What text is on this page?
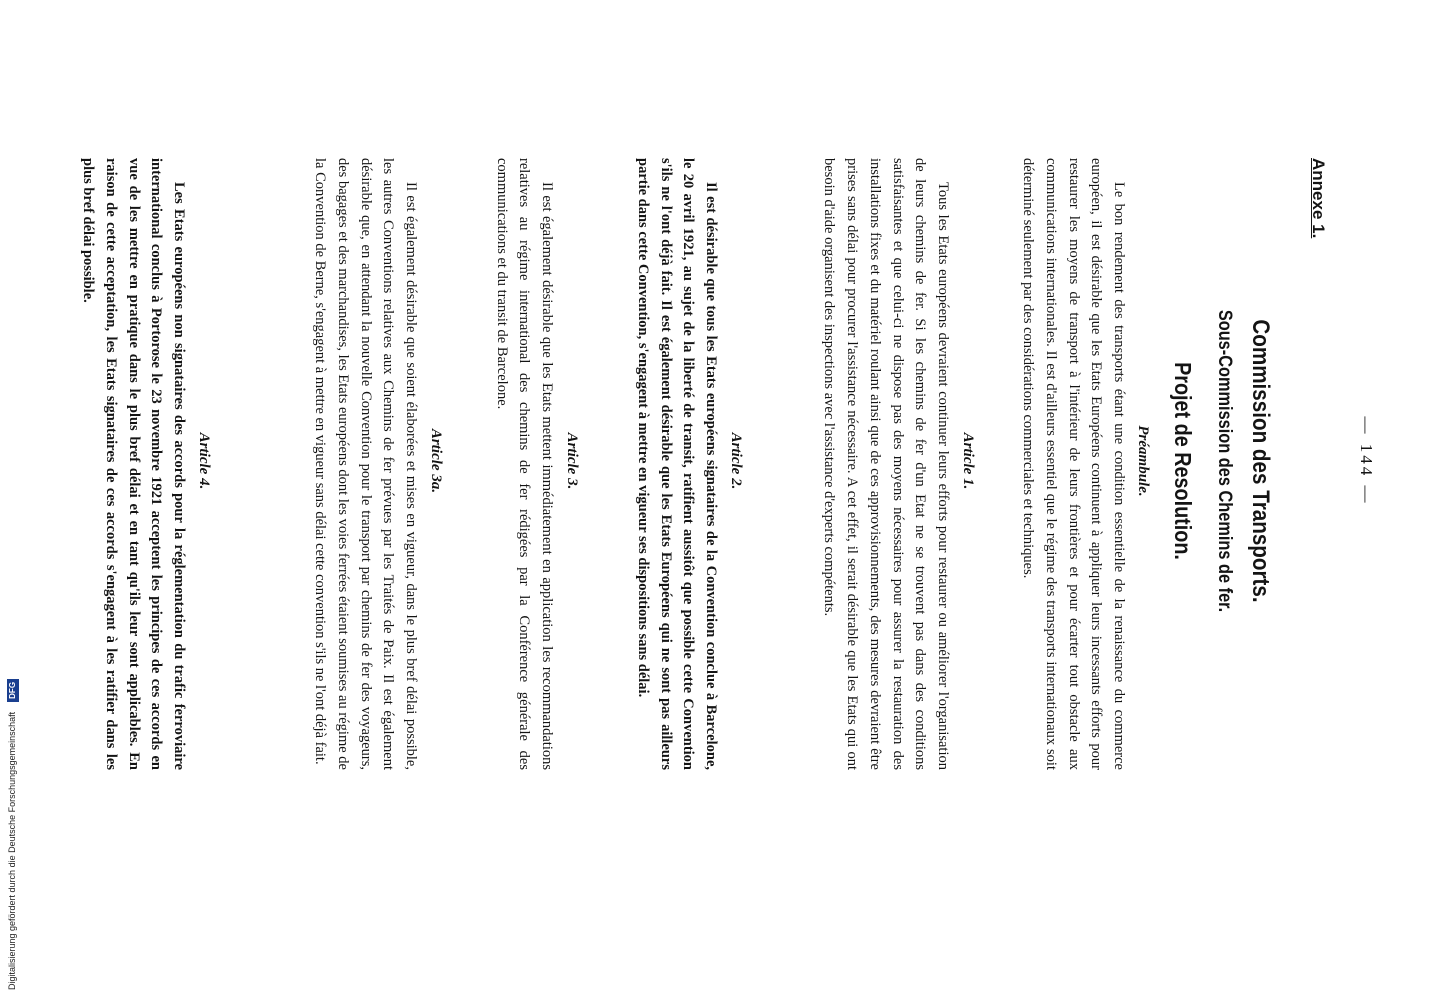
— 144 —
Annexe 1.
Commission des Transports.
Sous-Commission des Chemins de fer.
Projet de Resolution.
Préambule.
Le bon rendement des transports étant une condition essentielle de la renaissance du commerce européen, il est désirable que les Etats Européens continuent à appliquer leurs incessants efforts pour restaurer les moyens de transport à l'intérieur de leurs frontières et pour écarter tout obstacle aux communications internationales. Il est d'ailleurs essentiel que le régime des transports internationaux soit déterminé seulement par des considérations commerciales et techniques.
Article 1.
Tous les Etats européens devraient continuer leurs efforts pour restaurer ou améliorer l'organisation de leurs chemins de fer. Si les chemins de fer d'un Etat ne se trouvent pas dans des conditions satisfaisantes et que celui-ci ne dispose pas des moyens nécessaires pour assurer la restauration des installations fixes et du matériel roulant ainsi que de ces approvisionnements, des mesures devraient être prises sans délai pour procurer l'assistance nécessaire. A cet effet, il serait désirable que les Etats qui ont besoin d'aide organisent des inspections avec l'assistance d'experts compétents.
Article 2.
Il est désirable que tous les Etats européens signataires de la Convention conclue à Barcelone, le 20 avril 1921, au sujet de la liberté de transit, ratifient aussitôt que possible cette Convention s'ils ne l'ont déjà fait. Il est également désirable que les Etats Européens qui ne sont pas ailleurs partie dans cette Convention, s'engagent à mettre en vigueur ses dispositions sans délai.
Article 3.
Il est également désirable que les Etats mettent immédiatement en application les recommandations relatives au régime international des chemins de fer rédigées par la Conférence générale des communications et du transit de Barcelone.
Article 3a.
Il est également désirable que soient élaborées et mises en vigueur, dans le plus bref délai possible, les autres Conventions relatives aux Chemins de fer prévues par les Traités de Paix. Il est également désirable que, en attendant la nouvelle Convention pour le transport par chemins de fer des voyageurs, des bagages et des marchandises, les Etats européens dont les voies ferrées étaient soumises au régime de la Convention de Berne, s'engagent à mettre en vigueur sans délai cette convention s'ils ne l'ont déjà fait.
Article 4.
Les Etats européens non signataires des accords pour la réglementation du trafic ferroviaire international conclus à Portorose le 23 novembre 1921 acceptent les principes de ces accords en vue de les mettre en pratique dans le plus bref délai et en tant qu'ils leur sont applicables. En raison de cette acceptation, les Etats signataires de ces accords s'engagent à les ratifier dans les plus bref délai possible.
Digitalisierung gefördert durch die Deutsche Forschungsgemeinschaft DFG
